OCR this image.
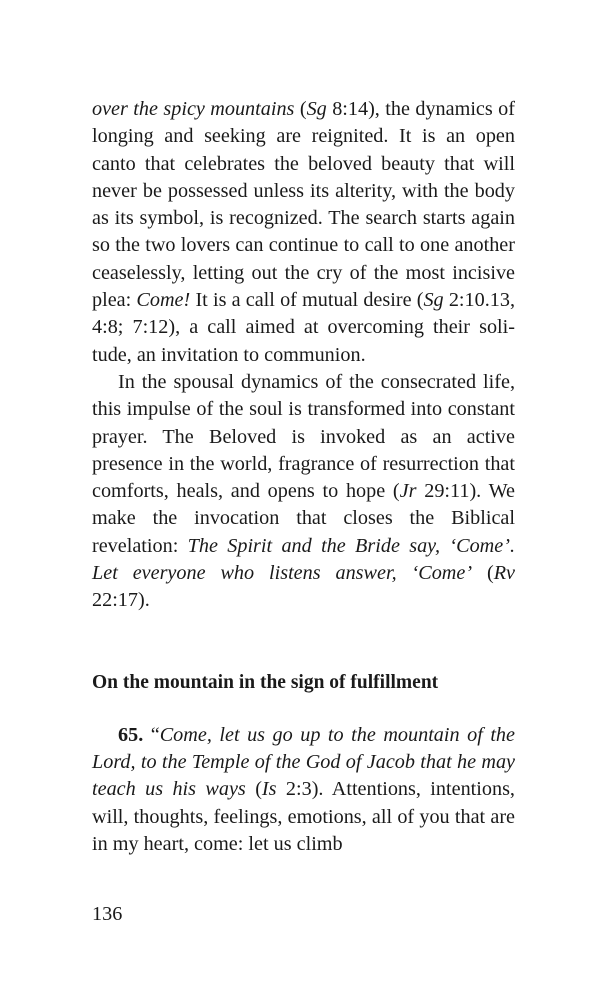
over the spicy mountains (Sg 8:14), the dynamics of longing and seeking are reignited. It is an open canto that celebrates the beloved beauty that will never be possessed unless its alterity, with the body as its symbol, is recognized. The search starts again so the two lovers can continue to call to one another ceaselessly, letting out the cry of the most incisive plea: Come! It is a call of mutual desire (Sg 2:10.13, 4:8; 7:12), a call aimed at overcoming their solitude, an invitation to communion.

In the spousal dynamics of the consecrated life, this impulse of the soul is transformed into constant prayer. The Beloved is invoked as an active presence in the world, fragrance of resurrection that comforts, heals, and opens to hope (Jr 29:11). We make the invocation that closes the Biblical revelation: The Spirit and the Bride say, ‘Come’. Let everyone who listens answer, ‘Come’ (Rv 22:17).

On the mountain in the sign of fulfillment

65. “Come, let us go up to the mountain of the Lord, to the Temple of the God of Jacob that he may teach us his ways (Is 2:3). Attentions, intentions, will, thoughts, feelings, emotions, all of you that are in my heart, come: let us climb

136
